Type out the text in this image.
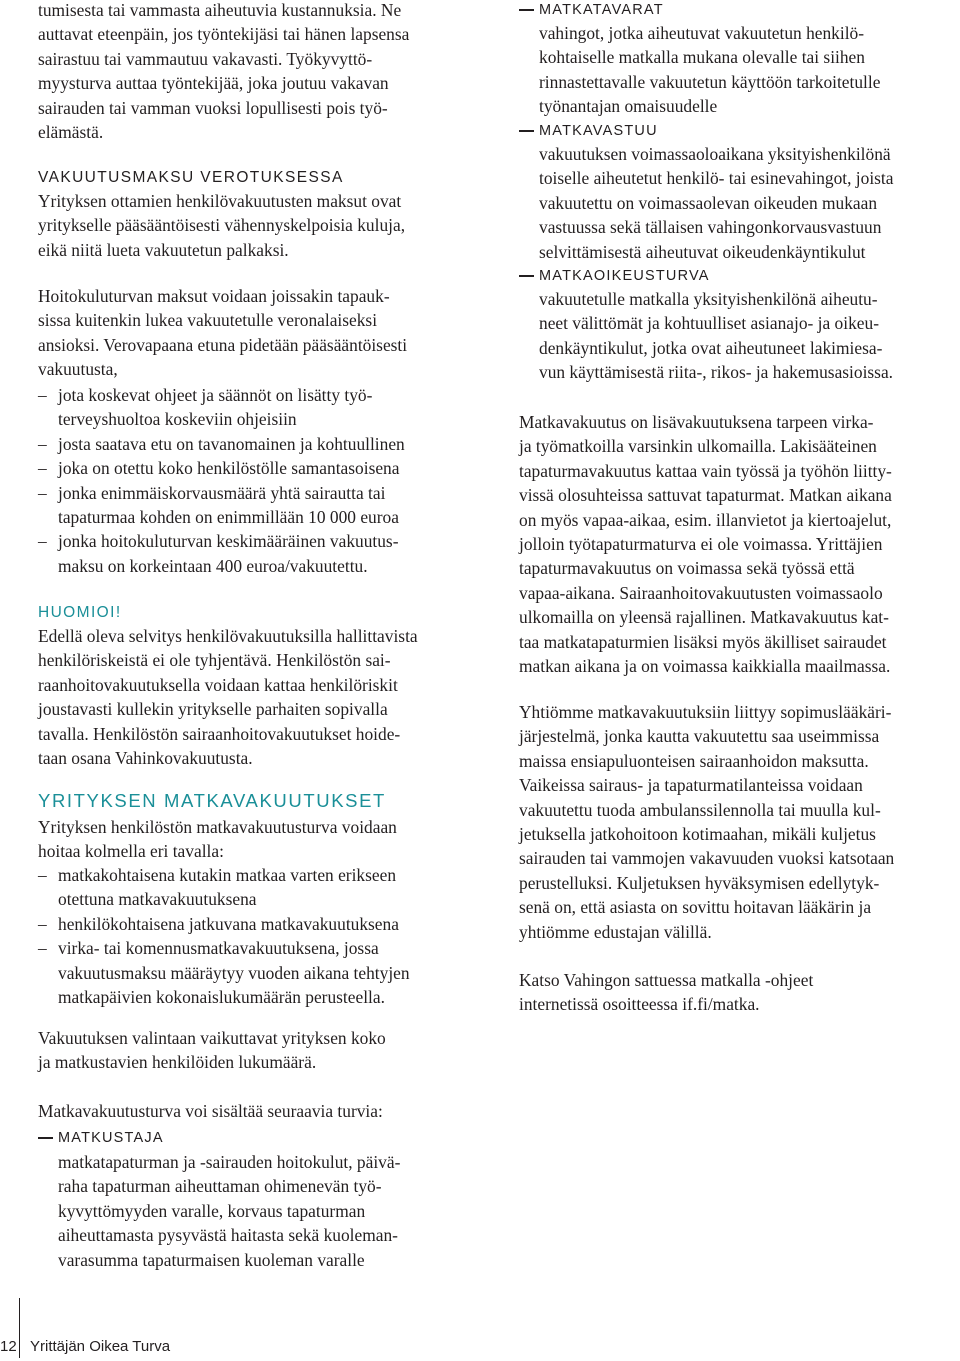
tumisesta tai vammasta aiheutuvia kustannuksia. Ne

auttavat eteenpäin, jos työntekijäsi tai hänen lapsensa

sairastuu tai vammautuu vakavasti. Työkyvyttö-

myysturva auttaa työntekijää, joka joutuu vakavan

sairauden tai vamman vuoksi lopullisesti pois työ-

elämästä.

VAKUUTUSMAKSU VEROTUKSESSA

Yrityksen ottamien henkilövakuutusten maksut ovat

yritykselle pääsääntöisesti vähennyskelpoisia kuluja,

eikä niitä lueta vakuutetun palkaksi.

Hoitokuluturvan maksut voidaan joissakin tapauk-

sissa kuitenkin lukea vakuutetulle veronalaiseksi

ansioksi. Verovapaana etuna pidetään pääsääntöisesti

vakuutusta,

– jota koskevat ohjeet ja säännöt on lisätty työ-
terveyshuoltoa koskeviin ohjeisiin
– josta saatava etu on tavanomainen ja kohtuullinen
– joka on otettu koko henkilöstölle samantasoisena
– jonka enimmäiskorvausmäärä yhtä sairautta tai
tapaturmaa kohden on enimmillään 10 000 euroa
– jonka hoitokuluturvan keskimääräinen vakuutus-
maksu on korkeintaan 400 euroa/vakuutettu.
HUOMIOI!

Edellä oleva selvitys henkilövakuutuksilla hallittavista

henkilöriskeistä ei ole tyhjentävä. Henkilöstön sai-

raanhoitovakuutuksella voidaan kattaa henkilöriskit

joustavasti kullekin yritykselle parhaiten sopivalla

tavalla. Henkilöstön sairaanhoitovakuutukset hoide-

taan osana Vahinkovakuutusta.

YRITYKSEN MATKAVAKUUTUKSET

Yrityksen henkilöstön matkavakuutusturva voidaan

hoitaa kolmella eri tavalla:

– matkakohtaisena kutakin matkaa varten erikseen
otettuna matkavakuutuksena
– henkilökohtaisena jatkuvana matkavakuutuksena
– virka- tai komennusmatkavakuutuksena, jossa
vakuutusmaksu määräytyy vuoden aikana tehtyjen
matkapäivien kokonaislukumäärän perusteella.

Vakuutuksen valintaan vaikuttavat yrityksen koko

ja matkustavien henkilöiden lukumäärä.

Matkavakuutusturva voi sisältää seuraavia turvia:

MATKUSTAJA

matkatapaturman ja -sairauden hoitokulut, päivä-

raha tapaturman aiheuttaman ohimenevän työ-

kyvyttömyyden varalle, korvaus tapaturman

aiheuttamasta pysyvästä haitasta sekä kuoleman-

varasumma tapaturmaisen kuoleman varalle

MATKATAVARAT

vahingot, jotka aiheutuvat vakuutetun henkilö-

kohtaiselle matkalla mukana olevalle tai siihen

rinnastettavalle vakuutetun käyttöön tarkoitetulle

työnantajan omaisuudelle

MATKAVASTUU

vakuutuksen voimassaoloaikana yksityishenkilönä

toiselle aiheutetut henkilö- tai esinevahingot, joista

vakuutettu on voimassaolevan oikeuden mukaan

vastuussa sekä tällaisen vahingonkorvausvastuun

selvittämisestä aiheutuvat oikeudenkäyntikulut

MATKAOIKEUSTURVA

vakuutetulle matkalla yksityishenkilönä aiheutu-

neet välittömät ja kohtuulliset asianajo- ja oikeu-

denkäyntikulut, jotka ovat aiheutuneet lakimiesa-

vun käyttämisestä riita-, rikos- ja hakemusasioissa.

Matkavakuutus on lisävakuutuksena tarpeen virka-

ja työmatkoilla varsinkin ulkomailla. Lakisääteinen

tapaturmavakuutus kattaa vain työssä ja työhön liitty-

vissä olosuhteissa sattuvat tapaturmat. Matkan aikana

on myös vapaa-aikaa, esim. illanvietot ja kiertoajelut,

jolloin työtapaturmaturva ei ole voimassa. Yrittäjien

tapaturmavakuutus on voimassa sekä työssä että

vapaa-aikana. Sairaanhoitovakuutusten voimassaolo

ulkomailla on yleensä rajallinen. Matkavakuutus kat-

taa matkatapaturmien lisäksi myös äkilliset sairaudet

matkan aikana ja on voimassa kaikkialla maailmassa.

Yhtiömme matkavakuutuksiin liittyy sopimuslääkäri-

järjestelmä, jonka kautta vakuutettu saa useimmissa

maissa ensiapuluonteisen sairaanhoidon maksutta.

Vaikeissa sairaus- ja tapaturmatilanteissa voidaan

vakuutettu tuoda ambulanssilennolla tai muulla kul-

jetuksella jatkohoitoon kotimaahan, mikäli kuljetus

sairauden tai vammojen vakavuuden vuoksi katsotaan

perustelluksi. Kuljetuksen hyväksymisen edellytyk-

senä on, että asiasta on sovittu hoitavan lääkärin ja

yhtiömme edustajan välillä.

Katso Vahingon sattuessa matkalla -ohjeet

internetissä osoitteessa if.fi/matka.

12 Yrittäjän Oikea Turva
